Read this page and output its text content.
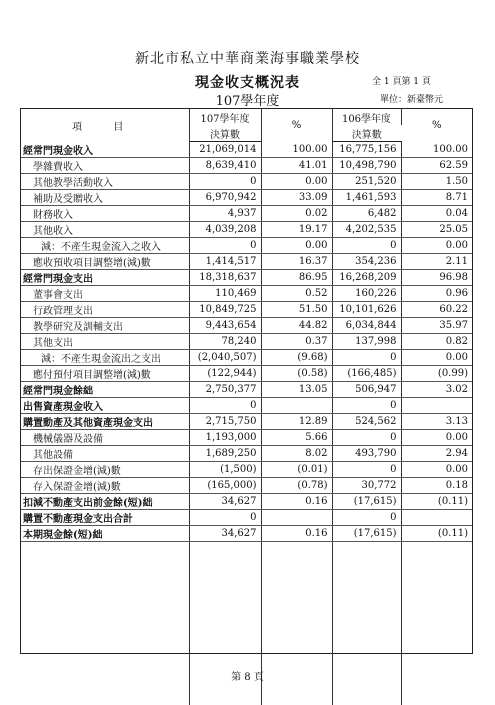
新北市私立中華商業海事職業學校
現金收支概況表
107學年度
全 1 頁第 1 頁
單位：新臺幣元
項 目	107學年度	%	106學年度	%
	決算數		決算數	
經常門現金收入	21,069,014	100.00	16,775,156	100.00
學雜費收入	8,639,410	41.01	10,498,790	62.59
其他教學活動收入	0	0.00	251,520	1.50
補助及受贈收入	6,970,942	33.09	1,461,593	8.71
財務收入	4,937	0.02	6,482	0.04
其他收入	4,039,208	19.17	4,202,535	25.05
減：不產生現金流入之收入	0	0.00	0	0.00
應收預收項目調整增(減)數	1,414,517	16.37	354,236	2.11
經常門現金支出	18,318,637	86.95	16,268,209	96.98
董事會支出	110,469	0.52	160,226	0.96
行政管理支出	10,849,725	51.50	10,101,626	60.22
教學研究及訓輔支出	9,443,654	44.82	6,034,844	35.97
其他支出	78,240	0.37	137,998	0.82
減：不產生現金流出之支出	(2,040,507)	(9.68)	0	0.00
應付預付項目調整增(減)數	(122,944)	(0.58)	(166,485)	(0.99)
經常門現金餘絀	2,750,377	13.05	506,947	3.02
出售資產現金收入	0		0	
購置動產及其他資產現金支出	2,715,750	12.89	524,562	3.13
機械儀器及設備	1,193,000	5.66	0	0.00
其他設備	1,689,250	8.02	493,790	2.94
存出保證金增(減)數	(1,500)	(0.01)	0	0.00
存入保證金增(減)數	(165,000)	(0.78)	30,772	0.18
扣減不動產支出前金餘(短)絀	34,627	0.16	(17,615)	(0.11)
購置不動產現金支出合計	0		0	
本期現金餘(短)絀	34,627	0.16	(17,615)	(0.11)

第 8 頁
